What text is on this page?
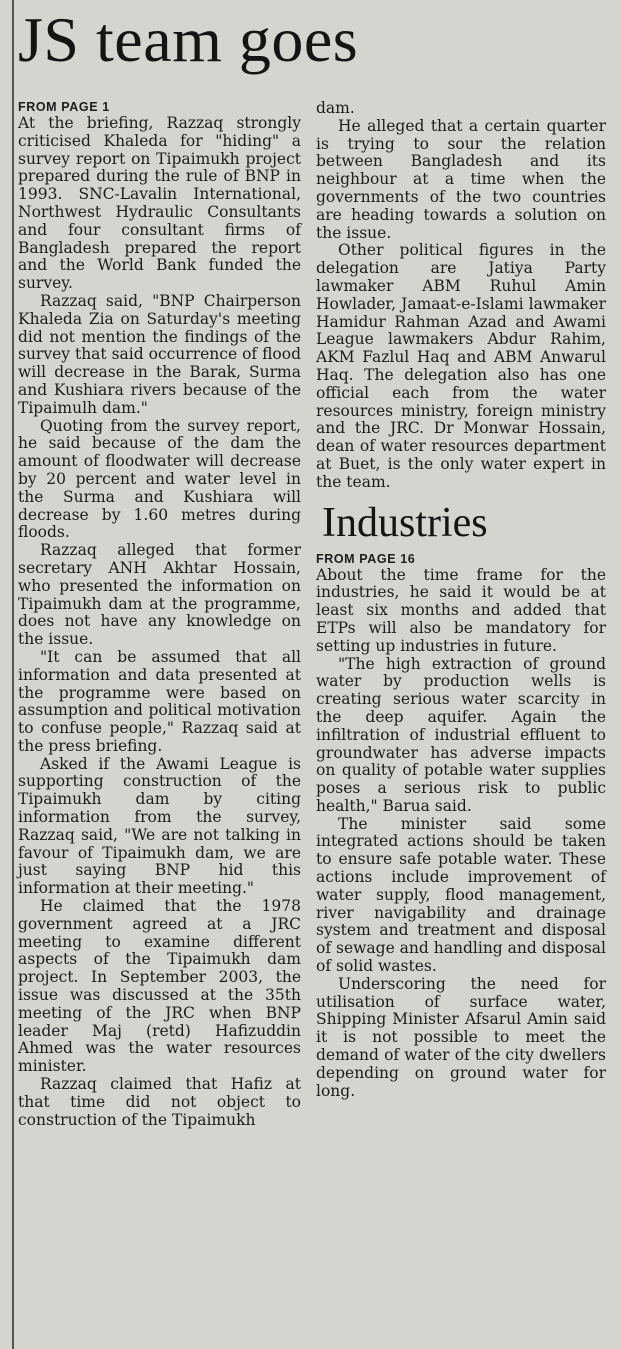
JS team goes
FROM PAGE 1

At the briefing, Razzaq strongly criticised Khaleda for "hiding" a survey report on Tipaimukh project prepared during the rule of BNP in 1993. SNC-Lavalin International, Northwest Hydraulic Consultants and four consultant firms of Bangladesh prepared the report and the World Bank funded the survey.

Razzaq said, "BNP Chairperson Khaleda Zia on Saturday's meeting did not mention the findings of the survey that said occurrence of flood will decrease in the Barak, Surma and Kushiara rivers because of the Tipaimulh dam."

Quoting from the survey report, he said because of the dam the amount of floodwater will decrease by 20 percent and water level in the Surma and Kushiara will decrease by 1.60 metres during floods.

Razzaq alleged that former secretary ANH Akhtar Hossain, who presented the information on Tipaimukh dam at the programme, does not have any knowledge on the issue.

"It can be assumed that all information and data presented at the programme were based on assumption and political motivation to confuse people," Razzaq said at the press briefing.

Asked if the Awami League is supporting construction of the Tipaimukh dam by citing information from the survey, Razzaq said, "We are not talking in favour of Tipaimukh dam, we are just saying BNP hid this information at their meeting."

He claimed that the 1978 government agreed at a JRC meeting to examine different aspects of the Tipaimukh dam project. In September 2003, the issue was discussed at the 35th meeting of the JRC when BNP leader Maj (retd) Hafizuddin Ahmed was the water resources minister.

Razzaq claimed that Hafiz at that time did not object to construction of the Tipaimukh

dam.

He alleged that a certain quarter is trying to sour the relation between Bangladesh and its neighbour at a time when the governments of the two countries are heading towards a solution on the issue.

Other political figures in the delegation are Jatiya Party lawmaker ABM Ruhul Amin Howlader, Jamaat-e-Islami lawmaker Hamidur Rahman Azad and Awami League lawmakers Abdur Rahim, AKM Fazlul Haq and ABM Anwarul Haq. The delegation also has one official each from the water resources ministry, foreign ministry and the JRC. Dr Monwar Hossain, dean of water resources department at Buet, is the only water expert in the team.

Industries
FROM PAGE 16

About the time frame for the industries, he said it would be at least six months and added that ETPs will also be mandatory for setting up industries in future.

"The high extraction of ground water by production wells is creating serious water scarcity in the deep aquifer. Again the infiltration of industrial effluent to groundwater has adverse impacts on quality of potable water supplies poses a serious risk to public health," Barua said.

The minister said some integrated actions should be taken to ensure safe potable water. These actions include improvement of water supply, flood management, river navigability and drainage system and treatment and disposal of sewage and handling and disposal of solid wastes.

Underscoring the need for utilisation of surface water, Shipping Minister Afsarul Amin said it is not possible to meet the demand of water of the city dwellers depending on ground water for long.
